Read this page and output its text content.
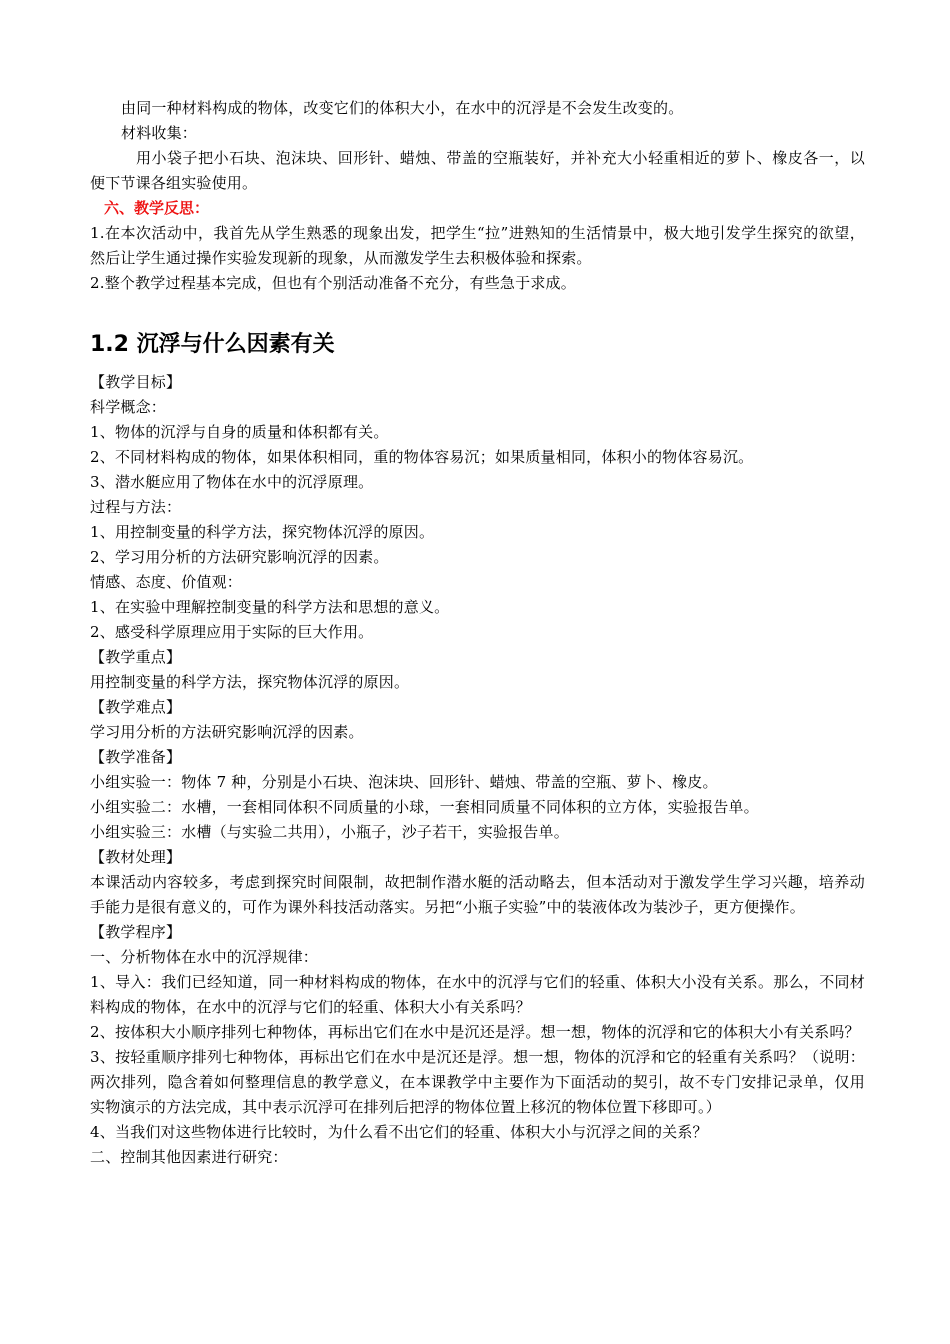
由同一种材料构成的物体，改变它们的体积大小，在水中的沉浮是不会发生改变的。

材料收集：

用小袋子把小石块、泡沫块、回形针、蜡烛、带盖的空瓶装好，并补充大小轻重相近的萝卜、橡皮各一，以便下节课各组实验使用。

六、教学反思：

1.在本次活动中，我首先从学生熟悉的现象出发，把学生“拉”进熟知的生活情景中，极大地引发学生探究的欲望，然后让学生通过操作实验发现新的现象，从而激发学生去积极体验和探索。

2.整个教学过程基本完成，但也有个别活动准备不充分，有些急于求成。

1.2 沉浮与什么因素有关

【教学目标】

科学概念：

1、物体的沉浮与自身的质量和体积都有关。

2、不同材料构成的物体，如果体积相同，重的物体容易沉；如果质量相同，体积小的物体容易沉。

3、潜水艇应用了物体在水中的沉浮原理。

过程与方法：

1、用控制变量的科学方法，探究物体沉浮的原因。

2、学习用分析的方法研究影响沉浮的因素。

情感、态度、价值观：

1、在实验中理解控制变量的科学方法和思想的意义。

2、感受科学原理应用于实际的巨大作用。

【教学重点】

用控制变量的科学方法，探究物体沉浮的原因。

【教学难点】

学习用分析的方法研究影响沉浮的因素。

【教学准备】

小组实验一：物体 7 种，分别是小石块、泡沫块、回形针、蜡烛、带盖的空瓶、萝卜、橡皮。

小组实验二：水槽，一套相同体积不同质量的小球，一套相同质量不同体积的立方体，实验报告单。

小组实验三：水槽（与实验二共用），小瓶子，沙子若干，实验报告单。

【教材处理】

本课活动内容较多，考虑到探究时间限制，故把制作潜水艇的活动略去，但本活动对于激发学生学习兴趣，培养动手能力是很有意义的，可作为课外科技活动落实。另把“小瓶子实验”中的装液体改为装沙子，更方便操作。

【教学程序】

一、分析物体在水中的沉浮规律：

1、导入：我们已经知道，同一种材料构成的物体，在水中的沉浮与它们的轻重、体积大小没有关系。那么，不同材料构成的物体，在水中的沉浮与它们的轻重、体积大小有关系吗？

2、按体积大小顺序排列七种物体，再标出它们在水中是沉还是浮。想一想，物体的沉浮和它的体积大小有关系吗？

3、按轻重顺序排列七种物体，再标出它们在水中是沉还是浮。想一想，物体的沉浮和它的轻重有关系吗？（说明：两次排列，隐含着如何整理信息的教学意义，在本课教学中主要作为下面活动的契引，故不专门安排记录单，仅用实物演示的方法完成，其中表示沉浮可在排列后把浮的物体位置上移沉的物体位置下移即可。）

4、当我们对这些物体进行比较时，为什么看不出它们的轻重、体积大小与沉浮之间的关系？

二、控制其他因素进行研究：
